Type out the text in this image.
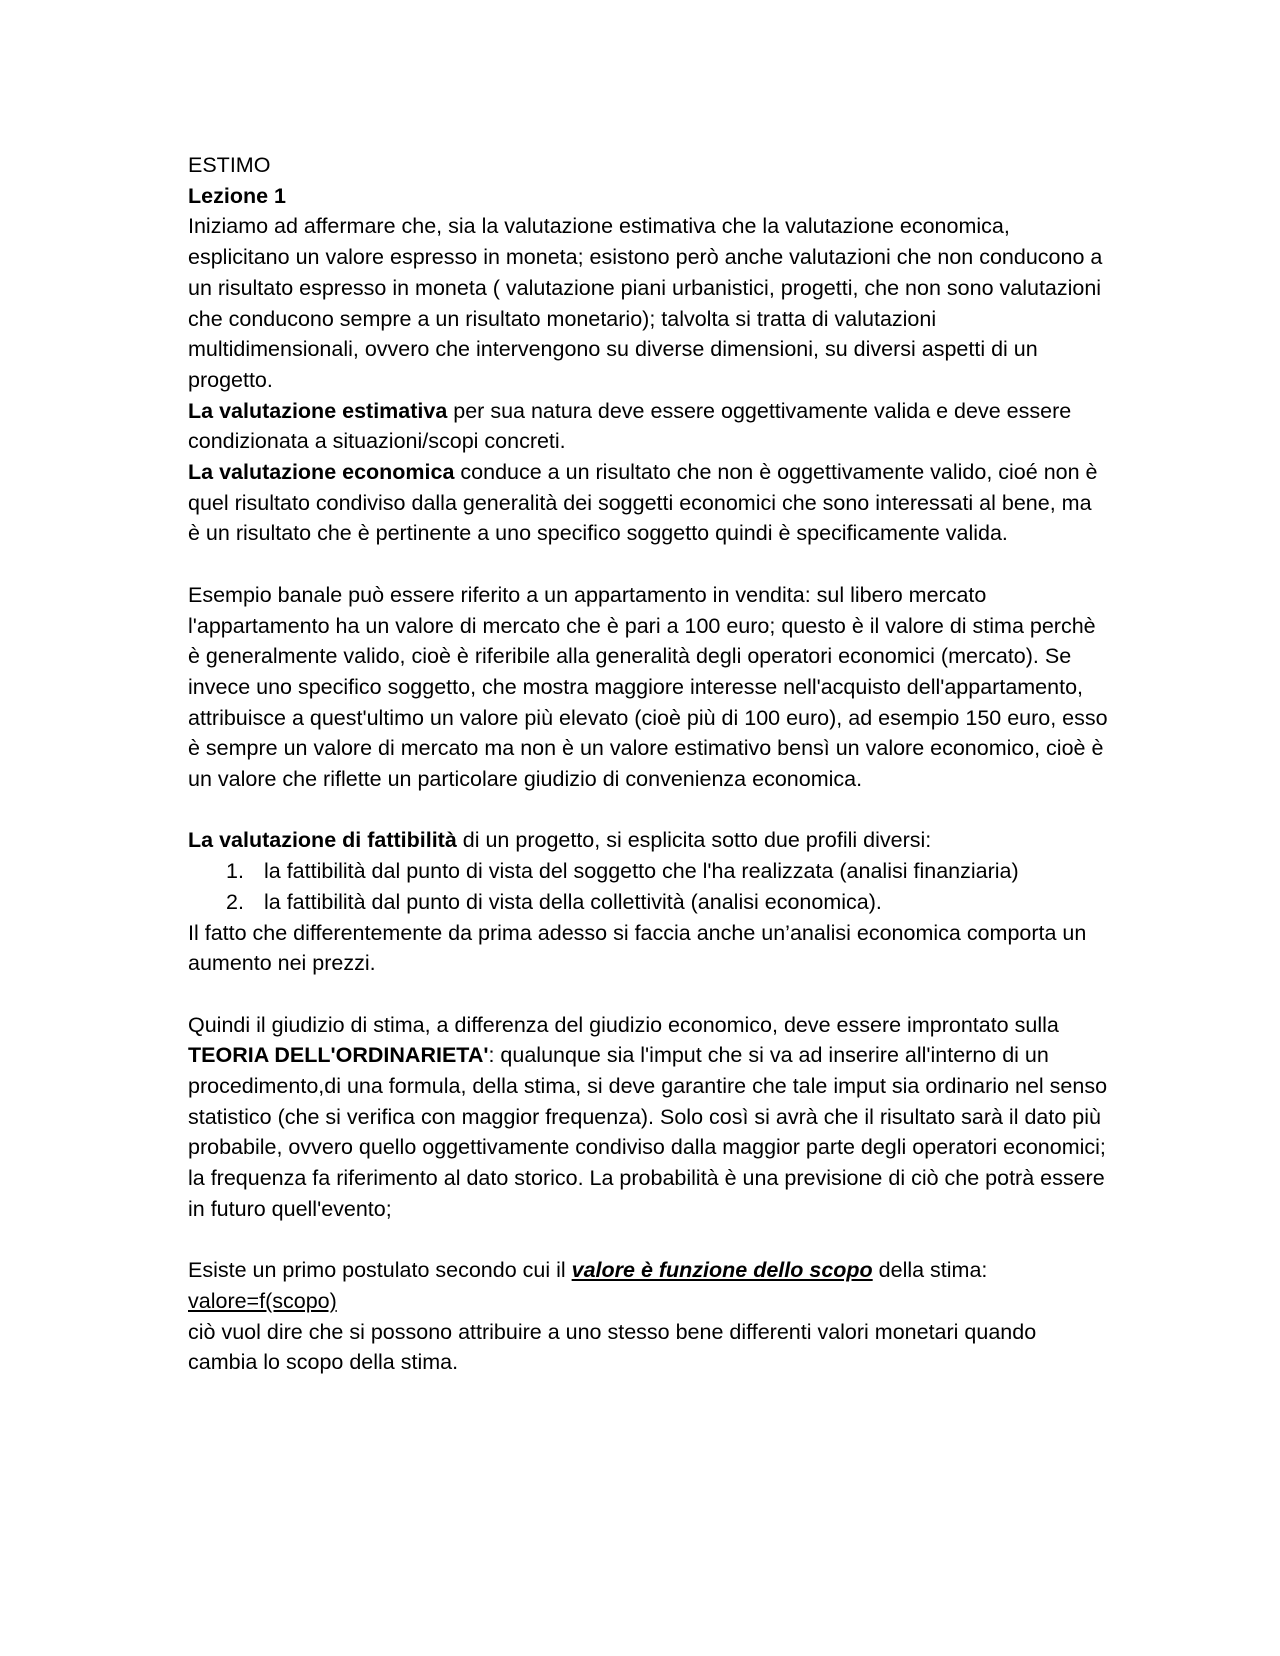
ESTIMO

Lezione 1

Iniziamo ad affermare che, sia la valutazione estimativa che la valutazione economica, esplicitano un valore espresso in moneta; esistono però anche valutazioni che non conducono a un risultato espresso in moneta ( valutazione piani urbanistici, progetti, che non sono valutazioni che conducono sempre a un risultato monetario); talvolta si tratta di valutazioni multidimensionali, ovvero che intervengono su diverse dimensioni, su diversi aspetti di un progetto.

La valutazione estimativa per sua natura deve essere oggettivamente valida e deve essere condizionata a situazioni/scopi concreti.

La valutazione economica conduce a un risultato che non è oggettivamente valido, cioé non è quel risultato condiviso dalla generalità dei soggetti economici che sono interessati al bene, ma è un risultato che è pertinente a uno specifico soggetto quindi è specificamente valida.

Esempio banale può essere riferito a un appartamento in vendita: sul libero mercato l'appartamento ha un valore di mercato che è pari a 100 euro; questo è il valore di stima perchè è generalmente valido, cioè è riferibile alla generalità degli operatori economici (mercato). Se invece uno specifico soggetto, che mostra maggiore interesse nell'acquisto dell'appartamento, attribuisce a quest'ultimo un valore più elevato (cioè più di 100 euro), ad esempio 150 euro, esso è sempre un valore di mercato ma non è un valore estimativo bensì un valore economico, cioè è un valore che riflette un particolare giudizio di convenienza economica.

La valutazione di fattibilità di un progetto, si esplicita sotto due profili diversi:

1. la fattibilità dal punto di vista del soggetto che l'ha realizzata (analisi finanziaria)
2. la fattibilità dal punto di vista della collettività (analisi economica).

Il fatto che differentemente da prima adesso si faccia anche un’analisi economica comporta un aumento nei prezzi.

Quindi il giudizio di stima, a differenza del giudizio economico, deve essere improntato sulla TEORIA DELL'ORDINARIETA': qualunque sia l'imput che si va ad inserire all'interno di un procedimento,di una formula, della stima, si deve garantire che tale imput sia ordinario nel senso statistico (che si verifica con maggior frequenza). Solo così si avrà che il risultato sarà il dato più probabile, ovvero quello oggettivamente condiviso dalla maggior parte degli operatori economici; la frequenza fa riferimento al dato storico. La probabilità è una previsione di ciò che potrà essere in futuro quell'evento;

Esiste un primo postulato secondo cui il valore è funzione dello scopo della stima:

valore=f(scopo)

ciò vuol dire che si possono attribuire a uno stesso bene differenti valori monetari quando cambia lo scopo della stima.
